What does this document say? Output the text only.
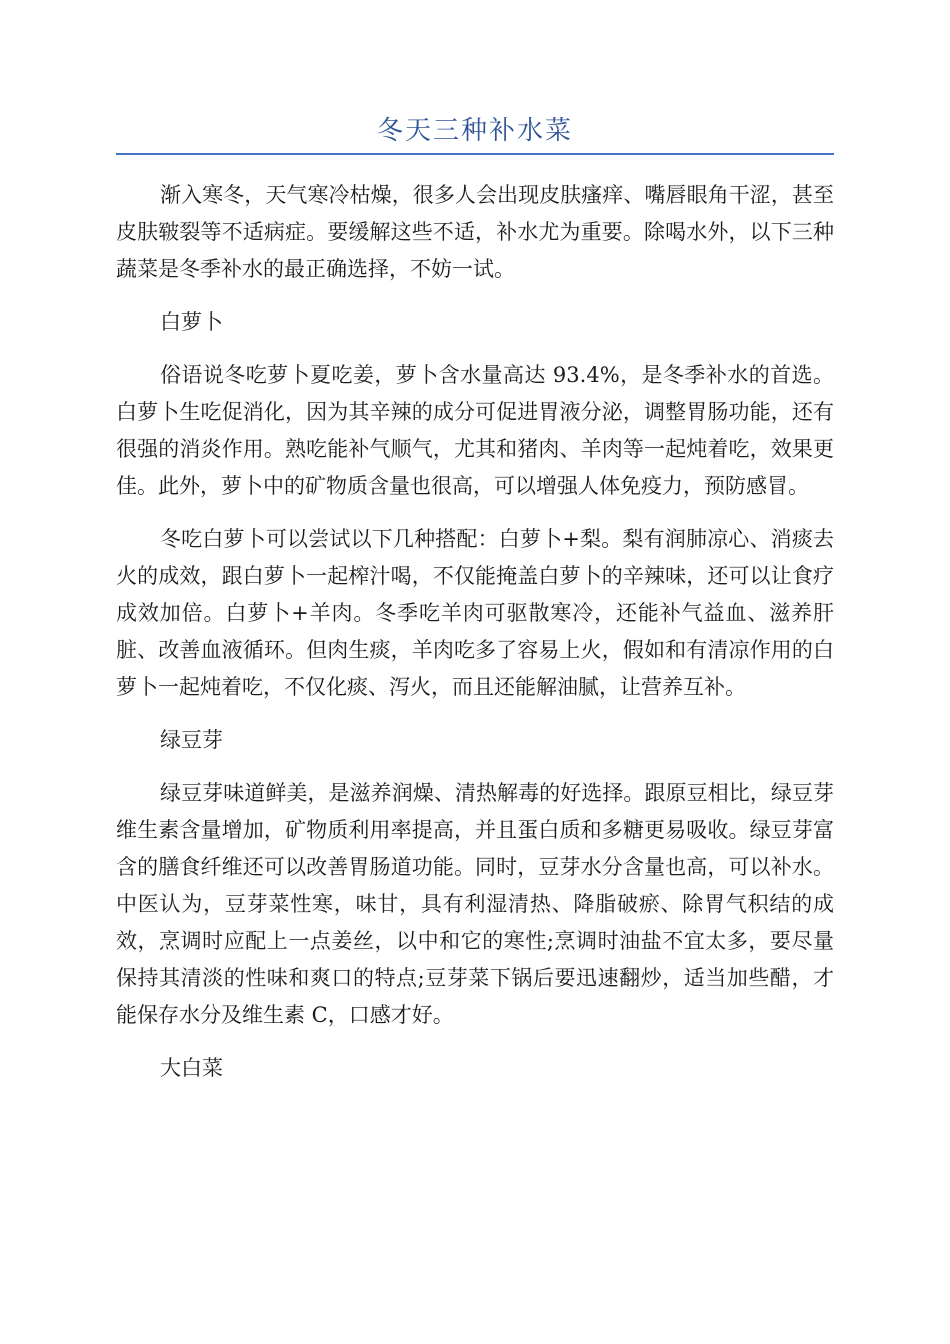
冬天三种补水菜

渐入寒冬，天气寒冷枯燥，很多人会出现皮肤瘙痒、嘴唇眼角干涩，甚至皮肤皲裂等不适病症。要缓解这些不适，补水尤为重要。除喝水外，以下三种蔬菜是冬季补水的最正确选择，不妨一试。

白萝卜

俗语说冬吃萝卜夏吃姜，萝卜含水量高达 93.4%，是冬季补水的首选。白萝卜生吃促消化，因为其辛辣的成分可促进胃液分泌，调整胃肠功能，还有很强的消炎作用。熟吃能补气顺气，尤其和猪肉、羊肉等一起炖着吃，效果更佳。此外，萝卜中的矿物质含量也很高，可以增强人体免疫力，预防感冒。

冬吃白萝卜可以尝试以下几种搭配：白萝卜+梨。梨有润肺凉心、消痰去火的成效，跟白萝卜一起榨汁喝，不仅能掩盖白萝卜的辛辣味，还可以让食疗成效加倍。白萝卜+羊肉。冬季吃羊肉可驱散寒冷，还能补气益血、滋养肝脏、改善血液循环。但肉生痰，羊肉吃多了容易上火，假如和有清凉作用的白萝卜一起炖着吃，不仅化痰、泻火，而且还能解油腻，让营养互补。

绿豆芽

绿豆芽味道鲜美，是滋养润燥、清热解毒的好选择。跟原豆相比，绿豆芽维生素含量增加，矿物质利用率提高，并且蛋白质和多糖更易吸收。绿豆芽富含的膳食纤维还可以改善胃肠道功能。同时，豆芽水分含量也高，可以补水。中医认为，豆芽菜性寒，味甘，具有利湿清热、降脂破瘀、除胃气积结的成效，烹调时应配上一点姜丝，以中和它的寒性;烹调时油盐不宜太多，要尽量保持其清淡的性味和爽口的特点;豆芽菜下锅后要迅速翻炒，适当加些醋，才能保存水分及维生素 C，口感才好。

大白菜
